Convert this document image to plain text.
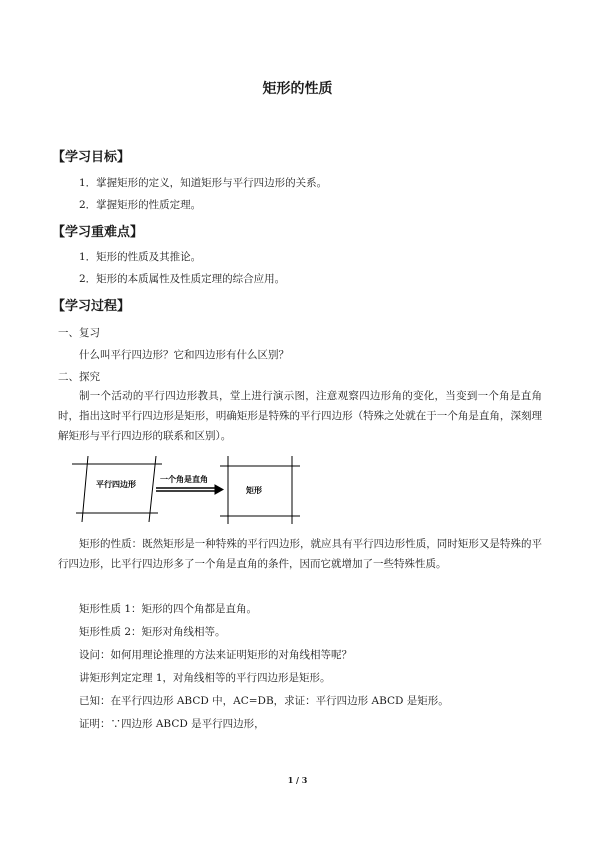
矩形的性质
【学习目标】
1．掌握矩形的定义，知道矩形与平行四边形的关系。
2．掌握矩形的性质定理。
【学习重难点】
1．矩形的性质及其推论。
2．矩形的本质属性及性质定理的综合应用。
【学习过程】
一、复习
什么叫平行四边形？它和四边形有什么区别？
二、探究
制一个活动的平行四边形教具，堂上进行演示图，注意观察四边形角的变化，当变到一个角是直角时，指出这时平行四边形是矩形，明确矩形是特殊的平行四边形（特殊之处就在于一个角是直角，深刻理解矩形与平行四边形的联系和区别）。
平行四边形
一个角是直角
矩形
矩形的性质：既然矩形是一种特殊的平行四边形，就应具有平行四边形性质，同时矩形又是特殊的平行四边形，比平行四边形多了一个角是直角的条件，因而它就增加了一些特殊性质。
矩形性质 1：矩形的四个角都是直角。
矩形性质 2：矩形对角线相等。
设问：如何用理论推理的方法来证明矩形的对角线相等呢？
讲矩形判定定理 1，对角线相等的平行四边形是矩形。
已知：在平行四边形 ABCD 中，AC=DB，求证：平行四边形 ABCD 是矩形。
证明：∵四边形 ABCD 是平行四边形，
1 / 3
